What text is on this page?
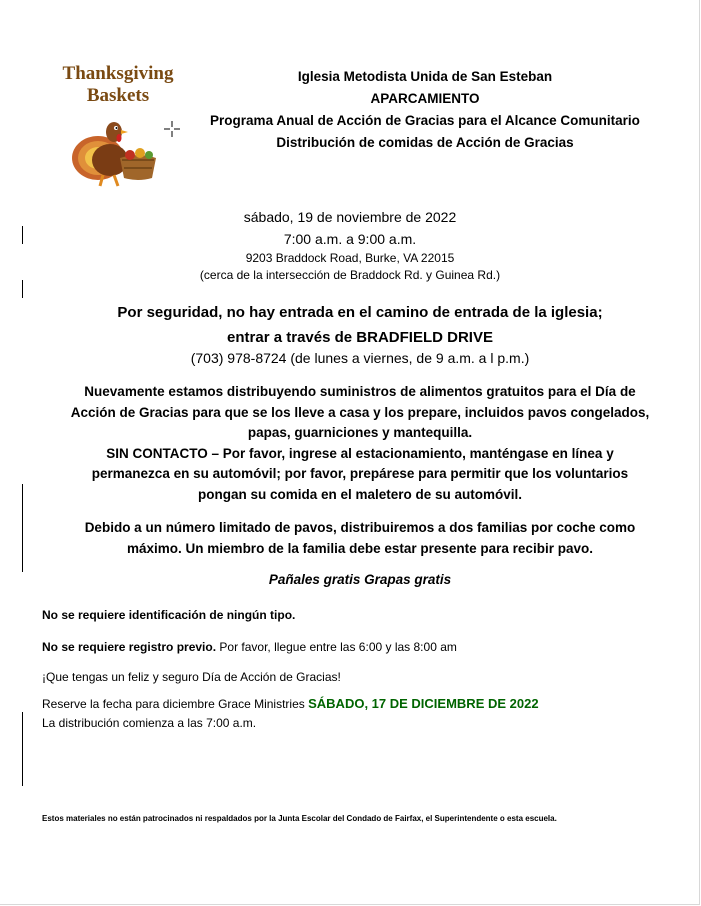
Thanksgiving
Baskets
Iglesia Metodista Unida de San Esteban
APARCAMIENTO
Programa Anual de Acción de Gracias para el Alcance Comunitario
Distribución de comidas de Acción de Gracias
sábado, 19 de noviembre de 2022
7:00 a.m. a 9:00 a.m.
9203 Braddock Road, Burke, VA 22015
(cerca de la intersección de Braddock Rd. y Guinea Rd.)
Por seguridad, no hay entrada en el camino de entrada de la iglesia;
entrar a través de BRADFIELD DRIVE
(703) 978-8724 (de lunes a viernes, de 9 a.m. a l p.m.)
Nuevamente estamos distribuyendo suministros de alimentos gratuitos para el Día de
Acción de Gracias para que se los lleve a casa y los prepare, incluidos pavos congelados,
papas, guarniciones y mantequilla.
SIN CONTACTO – Por favor, ingrese al estacionamiento, manténgase en línea y
permanezca en su automóvil; por favor, prepárese para permitir que los voluntarios
pongan su comida en el maletero de su automóvil.
Debido a un número limitado de pavos, distribuiremos a dos familias por coche como
máximo. Un miembro de la familia debe estar presente para recibir pavo.
Pañales gratis Grapas gratis
No se requiere identificación de ningún tipo.
No se requiere registro previo. Por favor, llegue entre las 6:00 y las 8:00 am
¡Que tengas un feliz y seguro Día de Acción de Gracias!
Reserve la fecha para diciembre Grace Ministries SÁBADO, 17 DE DICIEMBRE DE 2022
La distribución comienza a las 7:00 a.m.
Estos materiales no están patrocinados ni respaldados por la Junta Escolar del Condado de Fairfax, el Superintendente o esta escuela.
